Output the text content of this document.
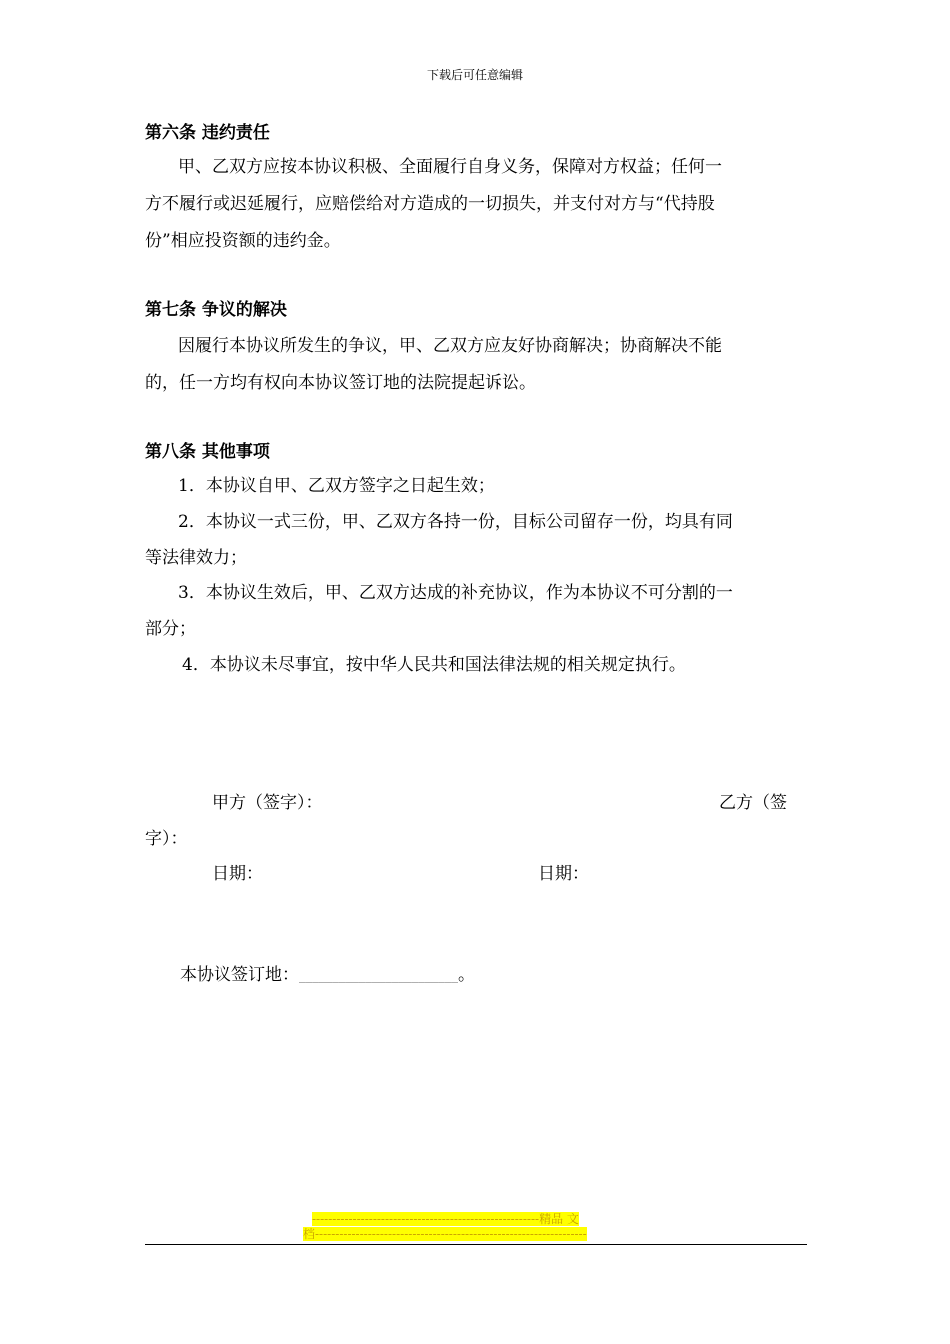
下载后可任意编辑
第六条 违约责任
甲、乙双方应按本协议积极、全面履行自身义务，保障对方权益；任何一
方不履行或迟延履行，应赔偿给对方造成的一切损失，并支付对方与“代持股
份”相应投资额的违约金。
第七条 争议的解决
因履行本协议所发生的争议，甲、乙双方应友好协商解决；协商解决不能
的，任一方均有权向本协议签订地的法院提起诉讼。
第八条 其他事项
1．本协议自甲、乙双方签字之日起生效；
2．本协议一式三份，甲、乙双方各持一份，目标公司留存一份，均具有同
等法律效力；
3．本协议生效后，甲、乙双方达成的补充协议，作为本协议不可分割的一
部分；
4．本协议未尽事宜，按中华人民共和国法律法规的相关规定执行。
甲方（签字）：	乙方（签
字）：
日期：	日期：
本协议签订地：________________________。
--------------------------------------------------------精品 文
档-------------------------------------------------------------------
